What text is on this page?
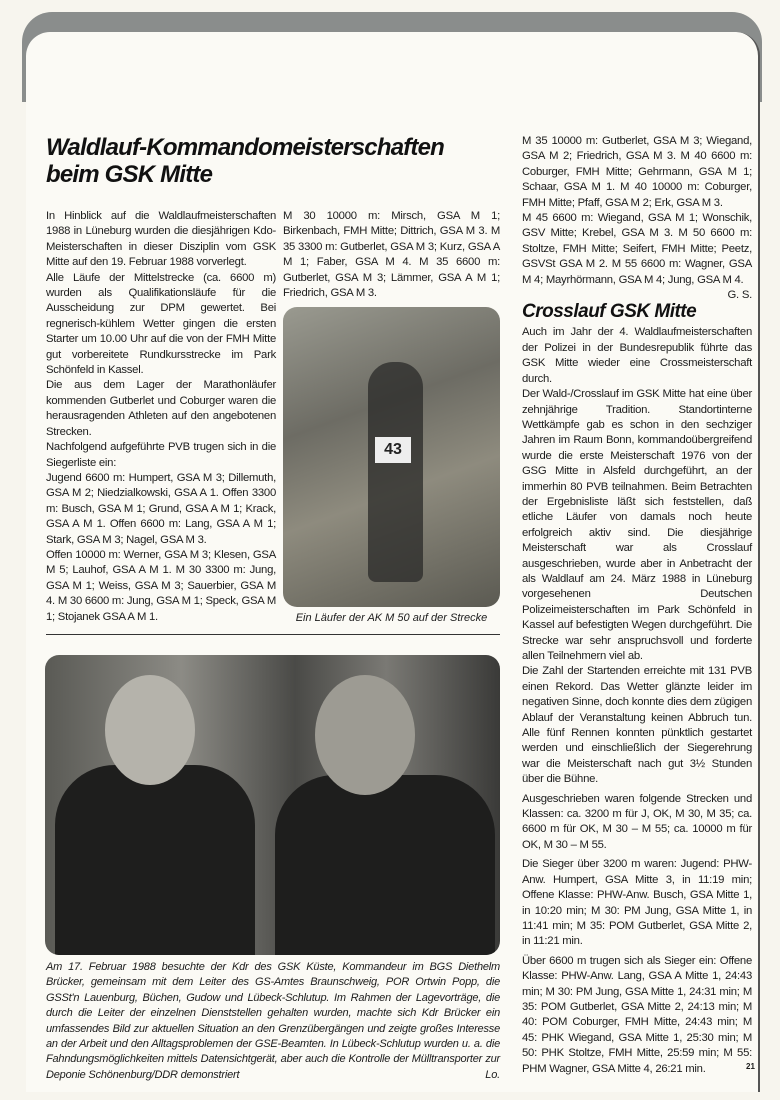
Waldlauf-Kommandomeisterschaften
beim GSK Mitte

In Hinblick auf die Waldlaufmeisterschaften 1988 in Lüneburg wurden die diesjährigen Kdo-Meisterschaften in dieser Disziplin vom GSK Mitte auf den 19. Februar 1988 vorverlegt.

Alle Läufe der Mittelstrecke (ca. 6600 m) wurden als Qualifikationsläufe für die Ausscheidung zur DPM gewertet. Bei regnerisch-kühlem Wetter gingen die ersten Starter um 10.00 Uhr auf die von der FMH Mitte gut vorbereitete Rundkursstrecke im Park Schönfeld in Kassel.

Die aus dem Lager der Marathonläufer kommenden Gutberlet und Coburger waren die herausragenden Athleten auf den angebotenen Strecken.

Nachfolgend aufgeführte PVB trugen sich in die Siegerliste ein:

Jugend 6600 m: Humpert, GSA M 3; Dillemuth, GSA M 2; Niedzialkowski, GSA A 1. Offen 3300 m: Busch, GSA M 1; Grund, GSA A M 1; Krack, GSA A M 1. Offen 6600 m: Lang, GSA A M 1; Stark, GSA M 3; Nagel, GSA M 3.

Offen 10000 m: Werner, GSA M 3; Klesen, GSA M 5; Lauhof, GSA A M 1. M 30 3300 m: Jung, GSA M 1; Weiss, GSA M 3; Sauerbier, GSA M 4. M 30 6600 m: Jung, GSA M 1; Speck, GSA M 1; Stojanek GSA A M 1.

M 30 10000 m: Mirsch, GSA M 1; Birkenbach, FMH Mitte; Dittrich, GSA M 3. M 35 3300 m: Gutberlet, GSA M 3; Kurz, GSA A M 1; Faber, GSA M 4. M 35 6600 m: Gutberlet, GSA M 3; Lämmer, GSA A M 1; Friedrich, GSA M 3.

43
Ein Läufer der AK M 50 auf der Strecke
Am 17. Februar 1988 besuchte der Kdr des GSK Küste, Kommandeur im BGS Diethelm Brücker, gemeinsam mit dem Leiter des GS-Amtes Braunschweig, POR Ortwin Popp, die GSSt'n Lauenburg, Büchen, Gudow und Lübeck-Schlutup. Im Rahmen der Lagevorträge, die durch die Leiter der einzelnen Dienststellen gehalten wurden, machte sich Kdr Brücker ein umfassendes Bild zur aktuellen Situation an den Grenzübergängen und zeigte großes Interesse an der Arbeit und den Alltagsproblemen der GSE-Beamten. In Lübeck-Schlutup wurden u. a. die Fahndungsmöglichkeiten mittels Datensichtgerät, aber auch die Kontrolle der Mülltransporter zur Deponie Schönenburg/DDR demonstriert	Lo.

M 35 10000 m: Gutberlet, GSA M 3; Wiegand, GSA M 2; Friedrich, GSA M 3. M 40 6600 m: Coburger, FMH Mitte; Gehrmann, GSA M 1; Schaar, GSA M 1. M 40 10000 m: Coburger, FMH Mitte; Pfaff, GSA M 2; Erk, GSA M 3.

M 45 6600 m: Wiegand, GSA M 1; Wonschik, GSV Mitte; Krebel, GSA M 3. M 50 6600 m: Stoltze, FMH Mitte; Seifert, FMH Mitte; Peetz, GSVSt GSA M 2. M 55 6600 m: Wagner, GSA M 4; Mayrhörmann, GSA M 4; Jung, GSA M 4.
G. S.

Crosslauf GSK Mitte

Auch im Jahr der 4. Waldlaufmeisterschaften der Polizei in der Bundesrepublik führte das GSK Mitte wieder eine Crossmeisterschaft durch.

Der Wald-/Crosslauf im GSK Mitte hat eine über zehnjährige Tradition. Standortinterne Wettkämpfe gab es schon in den sechziger Jahren im Raum Bonn, kommandoübergreifend wurde die erste Meisterschaft 1976 von der GSG Mitte in Alsfeld durchgeführt, an der immerhin 80 PVB teilnahmen. Beim Betrachten der Ergebnisliste läßt sich feststellen, daß etliche Läufer von damals noch heute erfolgreich aktiv sind. Die diesjährige Meisterschaft war als Crosslauf ausgeschrieben, wurde aber in Anbetracht der als Waldlauf am 24. März 1988 in Lüneburg vorgesehenen Deutschen Polizeimeisterschaften im Park Schönfeld in Kassel auf befestigten Wegen durchgeführt. Die Strecke war sehr anspruchsvoll und forderte allen Teilnehmern viel ab.

Die Zahl der Startenden erreichte mit 131 PVB einen Rekord. Das Wetter glänzte leider im negativen Sinne, doch konnte dies dem zügigen Ablauf der Veranstaltung keinen Abbruch tun. Alle fünf Rennen konnten pünktlich gestartet werden und einschließlich der Siegerehrung war die Meisterschaft nach gut 3½ Stunden über die Bühne.

Ausgeschrieben waren folgende Strecken und Klassen: ca. 3200 m für J, OK, M 30, M 35; ca. 6600 m für OK, M 30 – M 55; ca. 10000 m für OK, M 30 – M 55.

Die Sieger über 3200 m waren: Jugend: PHW-Anw. Humpert, GSA Mitte 3, in 11:19 min; Offene Klasse: PHW-Anw. Busch, GSA Mitte 1, in 10:20 min; M 30: PM Jung, GSA Mitte 1, in 11:41 min; M 35: POM Gutberlet, GSA Mitte 2, in 11:21 min.

Über 6600 m trugen sich als Sieger ein: Offene Klasse: PHW-Anw. Lang, GSA A Mitte 1, 24:43 min; M 30: PM Jung, GSA Mitte 1, 24:31 min; M 35: POM Gutberlet, GSA Mitte 2, 24:13 min; M 40: POM Coburger, FMH Mitte, 24:43 min; M 45: PHK Wiegand, GSA Mitte 1, 25:30 min; M 50: PHK Stoltze, FMH Mitte, 25:59 min; M 55: PHM Wagner, GSA Mitte 4, 26:21 min.	21
